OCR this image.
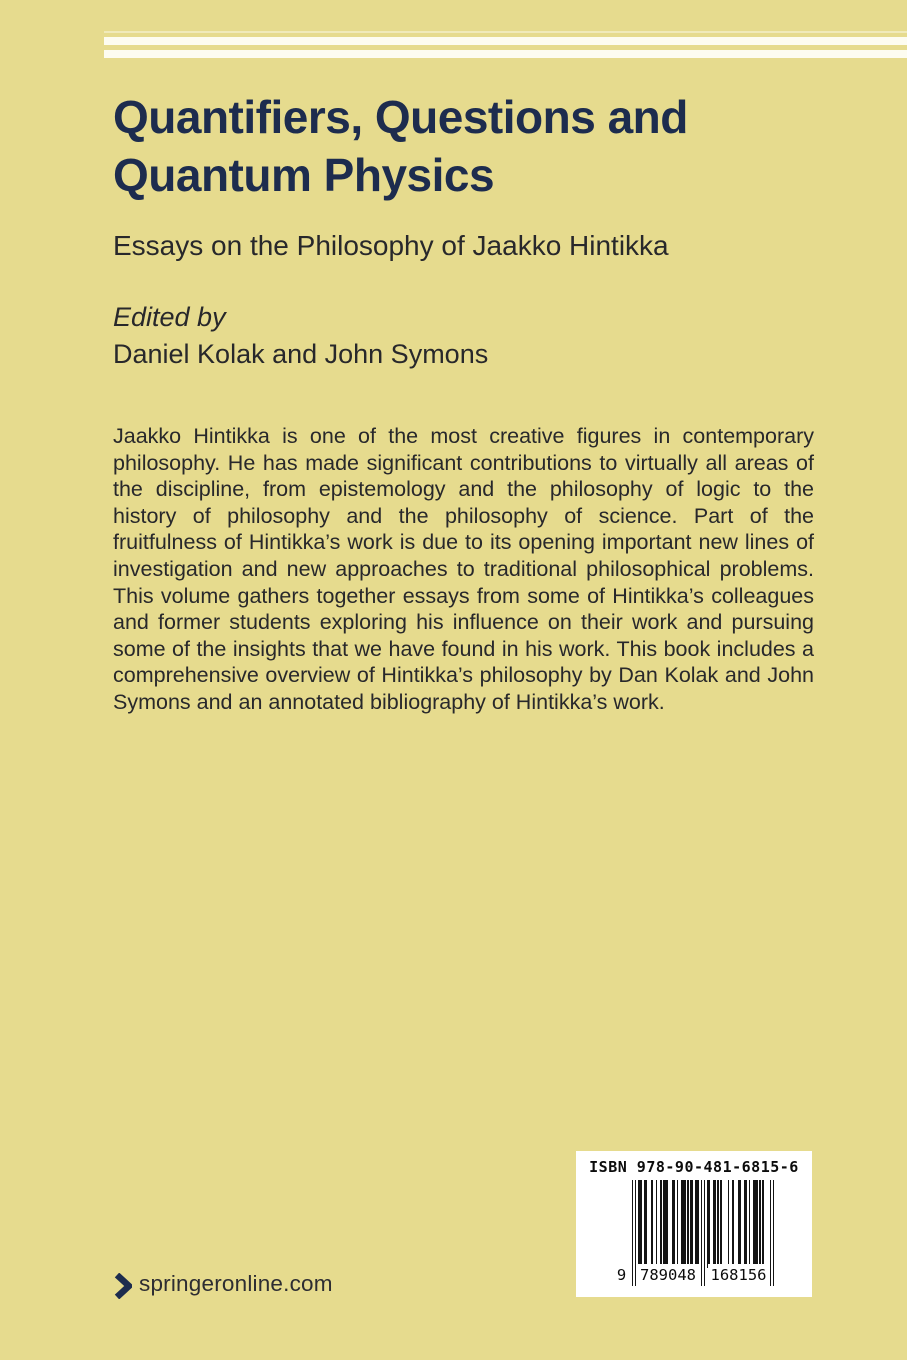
Quantifiers, Questions and Quantum Physics
Essays on the Philosophy of Jaakko Hintikka
Edited by
Daniel Kolak and John Symons

Jaakko Hintikka is one of the most creative figures in contemporary philosophy. He has made significant contributions to virtually all areas of the discipline, from epistemology and the philosophy of logic to the history of philosophy and the philosophy of science. Part of the fruitfulness of Hintikka’s work is due to its opening important new lines of investigation and new approaches to traditional philosophical problems. This volume gathers together essays from some of Hintikka’s colleagues and former students exploring his influence on their work and pursuing some of the insights that we have found in his work. This book includes a comprehensive overview of Hintikka’s philosophy by Dan Kolak and John Symons and an annotated bibliography of Hintikka’s work.

ISBN 978-90-481-6815-6
9 789048 168156
springeronline.com
